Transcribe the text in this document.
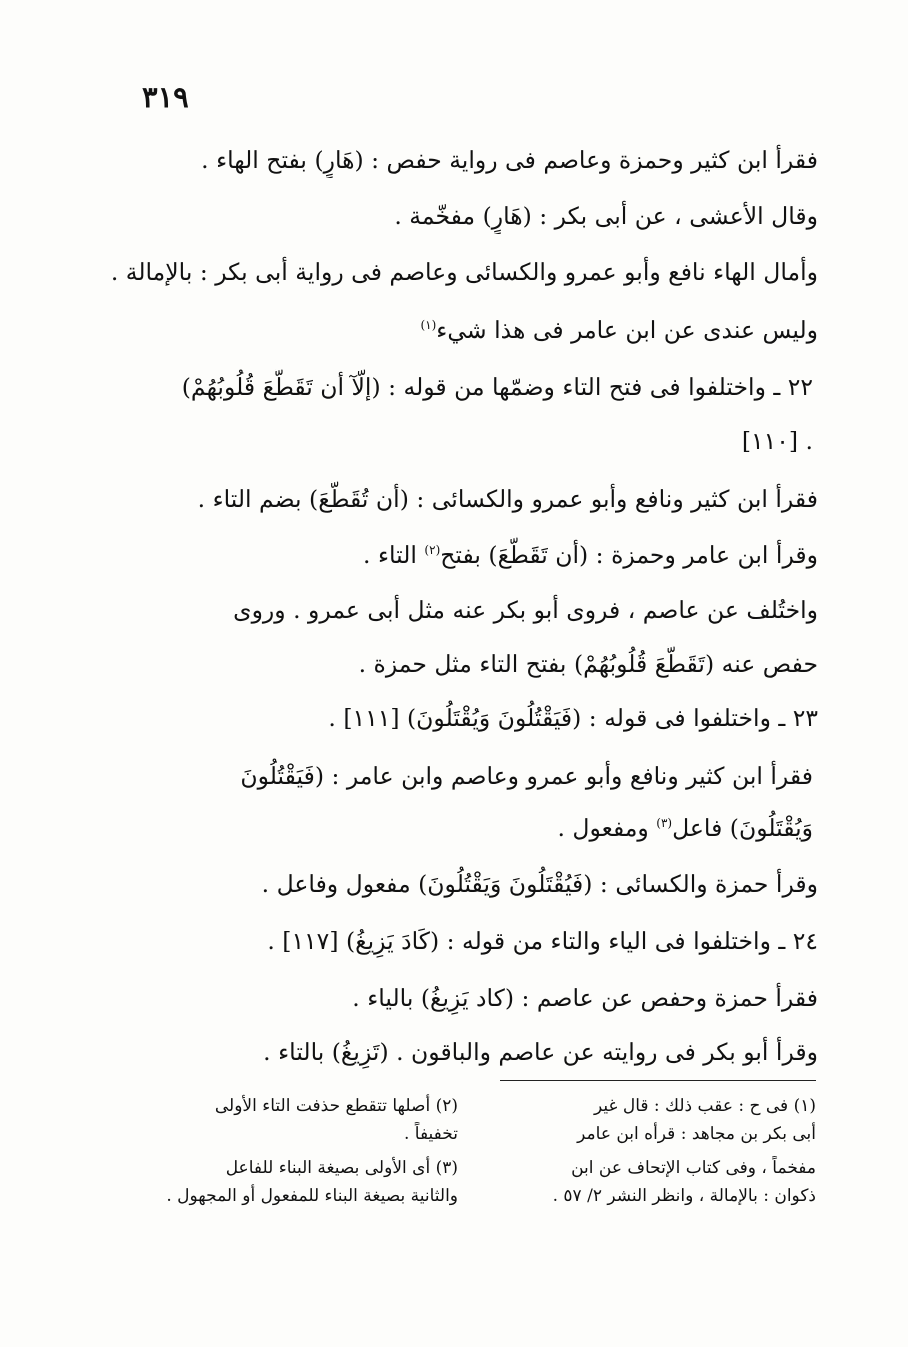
٣١٩
فقرأ ابن كثير وحمزة وعاصم فى رواية حفص : (هَارٍ) بفتح الهاء .
وقال الأعشى ، عن أبى بكر : (هَارٍ) مفخّمة .
وأمال الهاء نافع وأبو عمرو والكسائى وعاصم فى رواية أبى بكر : بالإمالة .
وليس عندى عن ابن عامر فى هذا شيء$^{(١)}$
٢٢ ـ واختلفوا فى فتح التاء وضمّها من قوله : (إلّآ أن تَقَطَّعَ قُلُوبُهُمْ)
. [١١٠]
فقرأ ابن كثير ونافع وأبو عمرو والكسائى : (أن تُقَطَّعَ) بضم التاء .
وقرأ ابن عامر وحمزة : (أن تَقَطَّعَ) بفتح$^{(٢)}$ التاء .
واختُلف عن عاصم ، فروى أبو بكر عنه مثل أبى عمرو . وروى
حفص عنه (تَقَطَّعَ قُلُوبُهُمْ) بفتح التاء مثل حمزة .
٢٣ ـ واختلفوا فى قوله : (فَيَقْتُلُونَ وَيُقْتَلُونَ) [١١١] .
فقرأ ابن كثير ونافع وأبو عمرو وعاصم وابن عامر : (فَيَقْتُلُونَ
وَيُقْتَلُونَ) فاعل$^{(٣)}$ ومفعول .
وقرأ حمزة والكسائى : (فَيُقْتَلُونَ وَيَقْتُلُونَ) مفعول وفاعل .
٢٤ ـ واختلفوا فى الياء والتاء من قوله : (كَادَ يَزِيغُ) [١١٧] .
فقرأ حمزة وحفص عن عاصم : (كاد يَزِيغُ) بالياء .
وقرأ أبو بكر فى روايته عن عاصم والباقون . (تَزِيغُ) بالتاء .
(١) فى ح : عقب ذلك : قال غير
أبى بكر بن مجاهد : قرأه ابن عامر
مفخماً ، وفى كتاب الإتحاف عن ابن
ذكوان : بالإمالة ، وانظر النشر ٢/ ٥٧ .
(٢) أصلها تتقطع حذفت التاء الأولى
تخفيفاً .
(٣) أى الأولى بصيغة البناء للفاعل
والثانية بصيغة البناء للمفعول أو المجهول .
